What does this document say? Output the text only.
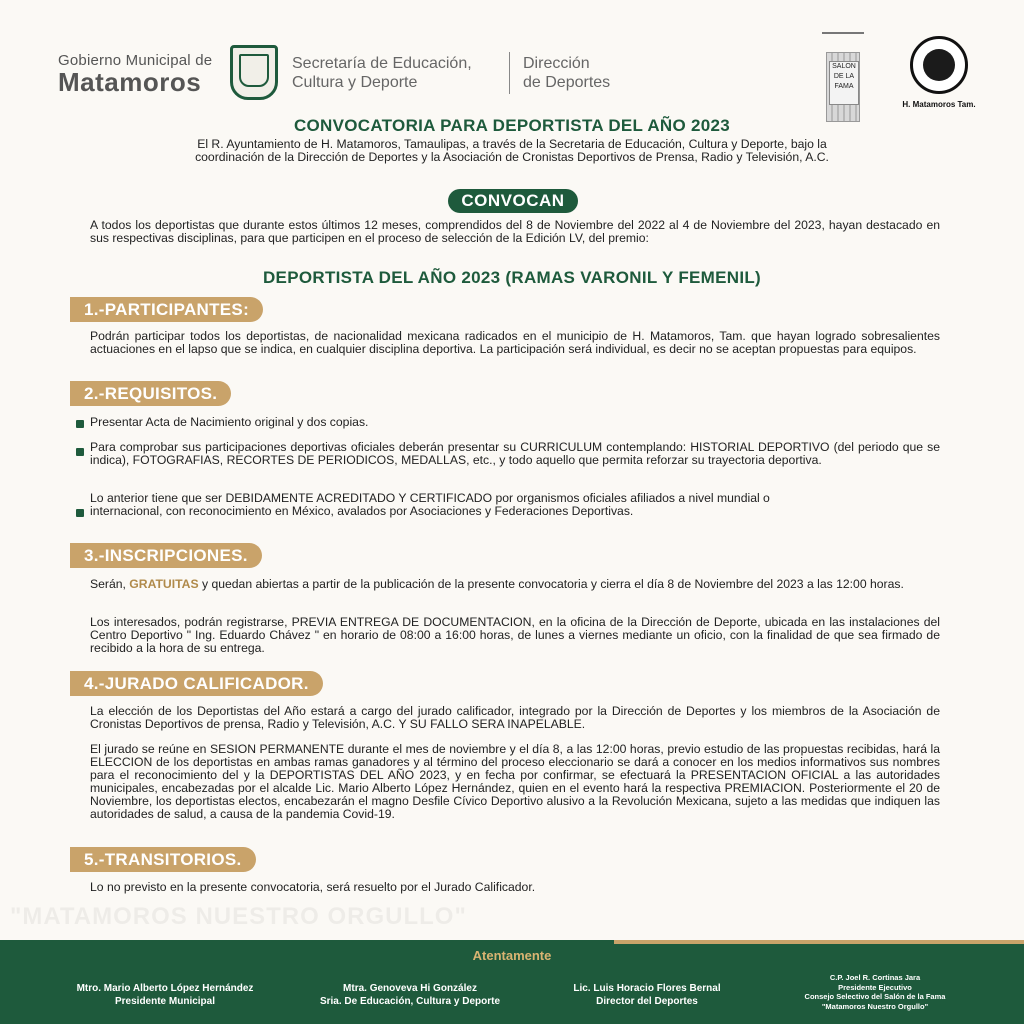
"MATAMOROS NUESTRO ORGULLO"
Gobierno Municipal de
Matamoros
Secretaría de Educación,
Cultura y Deporte
Dirección
de Deportes
SALON DE LA FAMA
H. Matamoros Tam.
CONVOCATORIA PARA DEPORTISTA DEL AÑO 2023
El R. Ayuntamiento de H. Matamoros, Tamaulipas, a través de la Secretaria de Educación, Cultura y Deporte, bajo la coordinación de la Dirección de Deportes y la Asociación de Cronistas Deportivos de Prensa, Radio y Televisión, A.C.
CONVOCAN
A todos los deportistas que durante estos últimos 12 meses, comprendidos del 8 de Noviembre del 2022 al 4 de Noviembre del 2023, hayan destacado en sus respectivas disciplinas, para que participen en el proceso de selección de la Edición LV, del premio:
DEPORTISTA DEL AÑO 2023 (RAMAS VARONIL Y FEMENIL)
1.-PARTICIPANTES:
Podrán participar todos los deportistas, de nacionalidad mexicana radicados en el municipio de H. Matamoros, Tam. que hayan logrado sobresalientes actuaciones en el lapso que se indica, en cualquier disciplina deportiva. La participación será individual, es decir no se aceptan propuestas para equipos.
2.-REQUISITOS.
Presentar Acta de Nacimiento original y dos copias.
Para comprobar sus participaciones deportivas oficiales deberán presentar su CURRICULUM contemplando: HISTORIAL DEPORTIVO (del periodo que se indica), FOTOGRAFIAS, RECORTES DE PERIODICOS, MEDALLAS, etc., y todo aquello que permita reforzar su trayectoria deportiva.
Lo anterior tiene que ser DEBIDAMENTE ACREDITADO Y CERTIFICADO por organismos oficiales afiliados a nivel mundial o internacional, con reconocimiento en México, avalados por Asociaciones y Federaciones Deportivas.
3.-INSCRIPCIONES.
Serán, GRATUITAS y quedan abiertas a partir de la publicación de la presente convocatoria y cierra el día 8 de Noviembre del 2023 a las 12:00 horas.
Los interesados, podrán registrarse, PREVIA ENTREGA DE DOCUMENTACION, en la oficina de la Dirección de Deporte, ubicada en las instalaciones del Centro Deportivo " Ing. Eduardo Chávez " en horario de 08:00 a 16:00 horas, de lunes a viernes mediante un oficio, con la finalidad de que sea firmado de recibido a la hora de su entrega.
4.-JURADO CALIFICADOR.
La elección de los Deportistas del Año estará a cargo del jurado calificador, integrado por la Dirección de Deportes y los miembros de la Asociación de Cronistas Deportivos de prensa, Radio y Televisión, A.C. Y SU FALLO SERA INAPELABLE.
El jurado se reúne en SESION PERMANENTE durante el mes de noviembre y el día 8, a las 12:00 horas, previo estudio de las propuestas recibidas, hará la ELECCION de los deportistas en ambas ramas ganadores y al término del proceso eleccionario se dará a conocer en los medios informativos sus nombres para el reconocimiento del y la DEPORTISTAS DEL AÑO 2023, y en fecha por confirmar, se efectuará la PRESENTACION OFICIAL a las autoridades municipales, encabezadas por el alcalde Lic. Mario Alberto López Hernández, quien en el evento hará la respectiva PREMIACION. Posteriormente el 20 de Noviembre, los deportistas electos, encabezarán el magno Desfile Cívico Deportivo alusivo a la Revolución Mexicana, sujeto a las medidas que indiquen las autoridades de salud, a causa de la pandemia Covid-19.
5.-TRANSITORIOS.
Lo no previsto en la presente convocatoria, será resuelto por el Jurado Calificador.
Atentamente
Mtro. Mario Alberto López Hernández
Presidente Municipal
Mtra. Genoveva Hi González
Sria. De Educación, Cultura y Deporte
Lic. Luis Horacio Flores Bernal
Director del Deportes
C.P. Joel R. Cortinas Jara
Presidente Ejecutivo
Consejo Selectivo del Salón de la Fama
"Matamoros Nuestro Orgullo"
